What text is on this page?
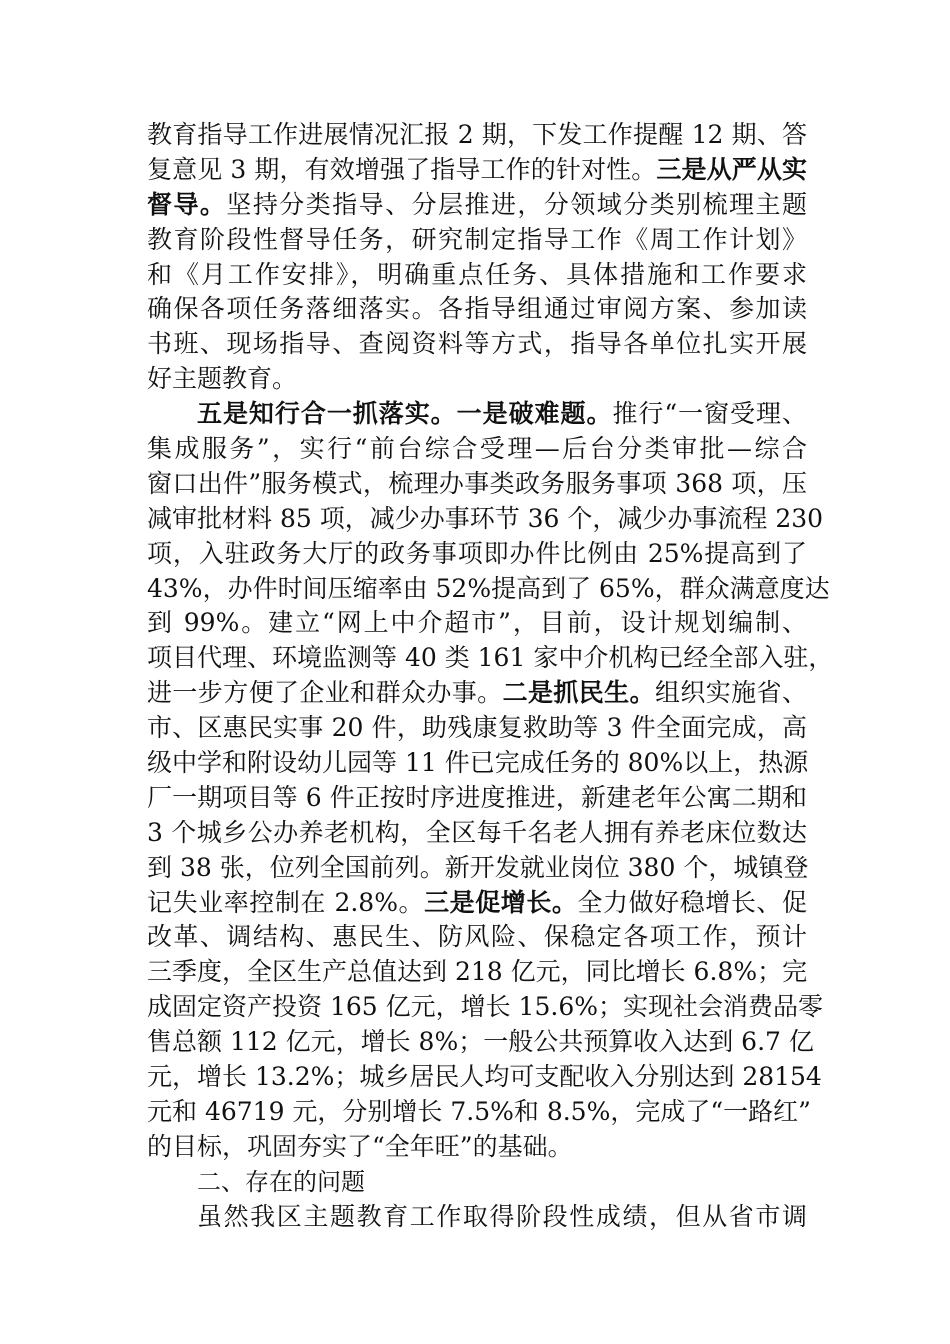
教育指导工作进展情况汇报 2 期，下发工作提醒 12 期、答
复意见 3 期，有效增强了指导工作的针对性。三是从严从实
督导。坚持分类指导、分层推进，分领域分类别梳理主题
教育阶段性督导任务，研究制定指导工作《周工作计划》
和《月工作安排》，明确重点任务、具体措施和工作要求
确保各项任务落细落实。各指导组通过审阅方案、参加读
书班、现场指导、查阅资料等方式，指导各单位扎实开展
好主题教育。
五是知行合一抓落实。一是破难题。推行“一窗受理、
集成服务”，实行“前台综合受理—后台分类审批—综合
窗口出件”服务模式，梳理办事类政务服务事项 368 项，压
减审批材料 85 项，减少办事环节 36 个，减少办事流程 230
项，入驻政务大厅的政务事项即办件比例由 25%提高到了
43%，办件时间压缩率由 52%提高到了 65%，群众满意度达
到 99%。建立“网上中介超市”，目前，设计规划编制、
项目代理、环境监测等 40 类 161 家中介机构已经全部入驻，
进一步方便了企业和群众办事。二是抓民生。组织实施省、
市、区惠民实事 20 件，助残康复救助等 3 件全面完成，高
级中学和附设幼儿园等 11 件已完成任务的 80%以上，热源
厂一期项目等 6 件正按时序进度推进，新建老年公寓二期和
3 个城乡公办养老机构，全区每千名老人拥有养老床位数达
到 38 张，位列全国前列。新开发就业岗位 380 个，城镇登
记失业率控制在 2.8%。三是促增长。全力做好稳增长、促
改革、调结构、惠民生、防风险、保稳定各项工作，预计
三季度，全区生产总值达到 218 亿元，同比增长 6.8%；完
成固定资产投资 165 亿元，增长 15.6%；实现社会消费品零
售总额 112 亿元，增长 8%；一般公共预算收入达到 6.7 亿
元，增长 13.2%；城乡居民人均可支配收入分别达到 28154
元和 46719 元，分别增长 7.5%和 8.5%，完成了“一路红”
的目标，巩固夯实了“全年旺”的基础。
二、存在的问题
虽然我区主题教育工作取得阶段性成绩，但从省市调
